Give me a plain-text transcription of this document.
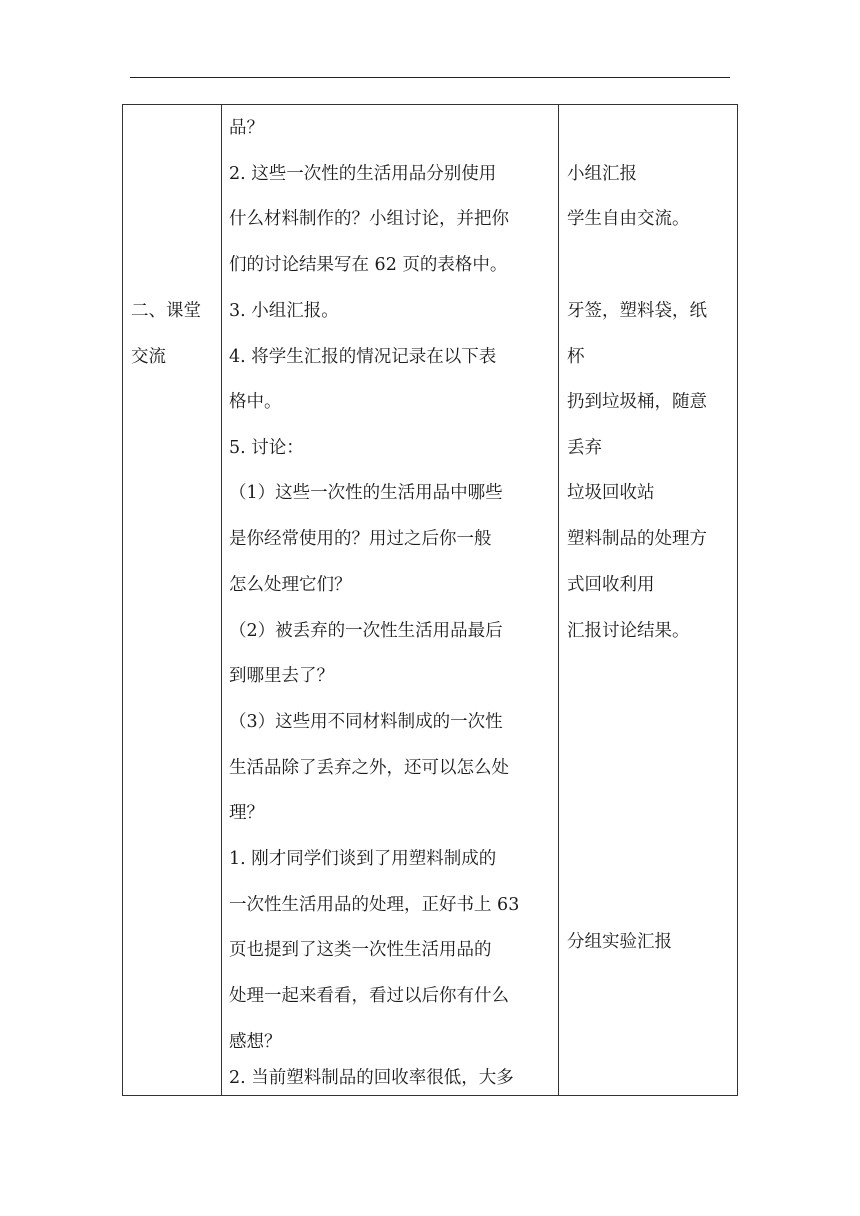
二、课堂
交流
品？
2. 这些一次性的生活用品分别使用
什么材料制作的？小组讨论，并把你
们的讨论结果写在 62 页的表格中。
3. 小组汇报。
4. 将学生汇报的情况记录在以下表
格中。
5. 讨论：
（1）这些一次性的生活用品中哪些
是你经常使用的？用过之后你一般
怎么处理它们？
（2）被丢弃的一次性生活用品最后
到哪里去了？
（3）这些用不同材料制成的一次性
生活品除了丢弃之外，还可以怎么处
理？
1. 刚才同学们谈到了用塑料制成的
一次性生活用品的处理，正好书上 63
页也提到了这类一次性生活用品的
处理一起来看看，看过以后你有什么
感想？
2. 当前塑料制品的回收率很低，大多
小组汇报
学生自由交流。
牙签，塑料袋，纸
杯
扔到垃圾桶，随意
丢弃
垃圾回收站
塑料制品的处理方
式回收利用
汇报讨论结果。
分组实验汇报
